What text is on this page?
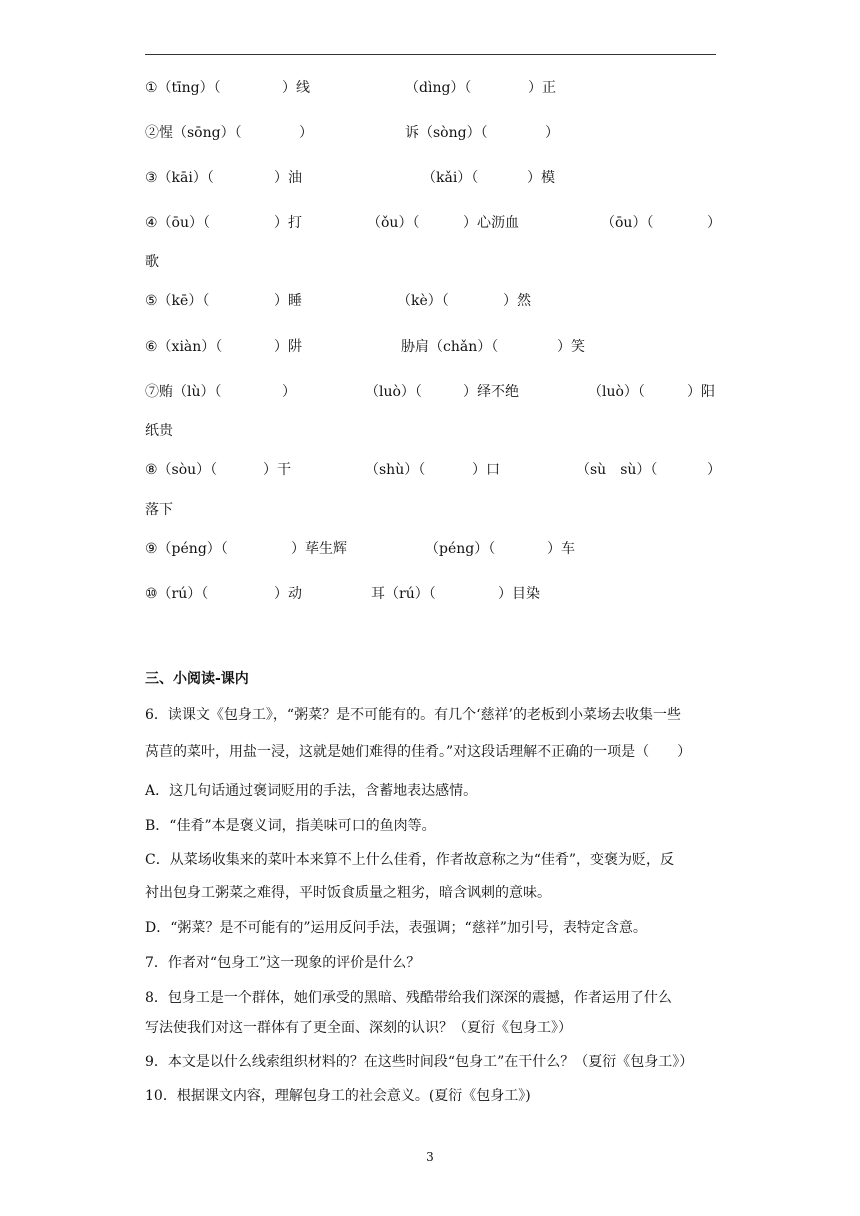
①（tīng）（	）线	（dìng）（	）正
②惺（sōng）（	）	诉（sòng）（	）
③（kāi）（	）油	（kǎi）（	）模
④（ōu）（	）打	（ǒu）（	）心沥血	（ōu）（	）
歌
⑤（kē）（	）睡	（kè）（	）然
⑥（xiàn）（	）阱	胁肩（chǎn）（	）笑
⑦贿（lù）（	）	（luò）（	）绎不绝	（luò）（	）阳
纸贵
⑧（sòu）（	）干	（shù）（	）口	（sù　sù）（	）
落下
⑨（péng）（	）荜生辉	（péng）（	）车
⑩（rú）（	）动	耳（rú）（	）目染
三、小阅读-课内
6．读课文《包身工》，“粥菜？是不可能有的。有几个‘慈祥’的老板到小菜场去收集一些
莴苣的菜叶，用盐一浸，这就是她们难得的佳肴。”对这段话理解不正确的一项是（　　）
A．这几句话通过褒词贬用的手法，含蓄地表达感情。
B．“佳肴”本是褒义词，指美味可口的鱼肉等。
C．从菜场收集来的菜叶本来算不上什么佳肴，作者故意称之为“佳肴”，变褒为贬，反
衬出包身工粥菜之难得，平时饭食质量之粗劣，暗含讽刺的意味。
D．“粥菜？是不可能有的”运用反问手法，表强调；“慈祥”加引号，表特定含意。
7．作者对“包身工”这一现象的评价是什么？
8．包身工是一个群体，她们承受的黑暗、残酷带给我们深深的震撼，作者运用了什么
写法使我们对这一群体有了更全面、深刻的认识？（夏衍《包身工》）
9．本文是以什么线索组织材料的？在这些时间段“包身工”在干什么？（夏衍《包身工》）
10．根据课文内容，理解包身工的社会意义。(夏衍《包身工》)
3
